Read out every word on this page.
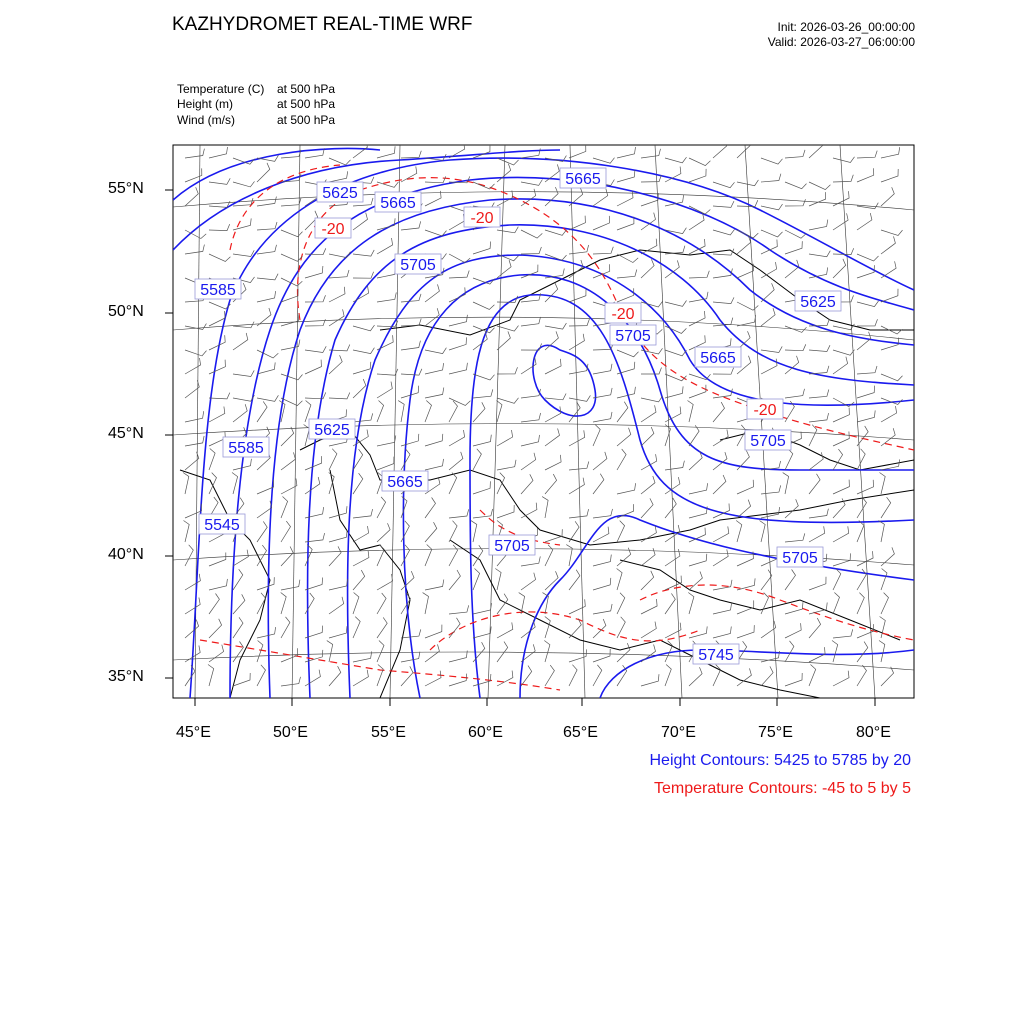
5625
5665
5665
5705
5585
5625
5705
5665
5625
5585
5665
5545
5705
5705
5705
5745
-20
-20
-20
-20
KAZHYDROMET REAL-TIME WRF	Init: 2026-03-26_00:00:00
Valid: 2026-03-27_06:00:00
Temperature (C) at 500 hPa
Height (m)	at 500 hPa
Wind (m/s)	at 500 hPa
55°N
50°N
45°N
40°N
35°N
45°E	50°E	55°E	60°E	65°E	70°E	75°E	80°E
Height Contours: 5425 to 5785 by 20
Temperature Contours: -45 to 5 by 5
